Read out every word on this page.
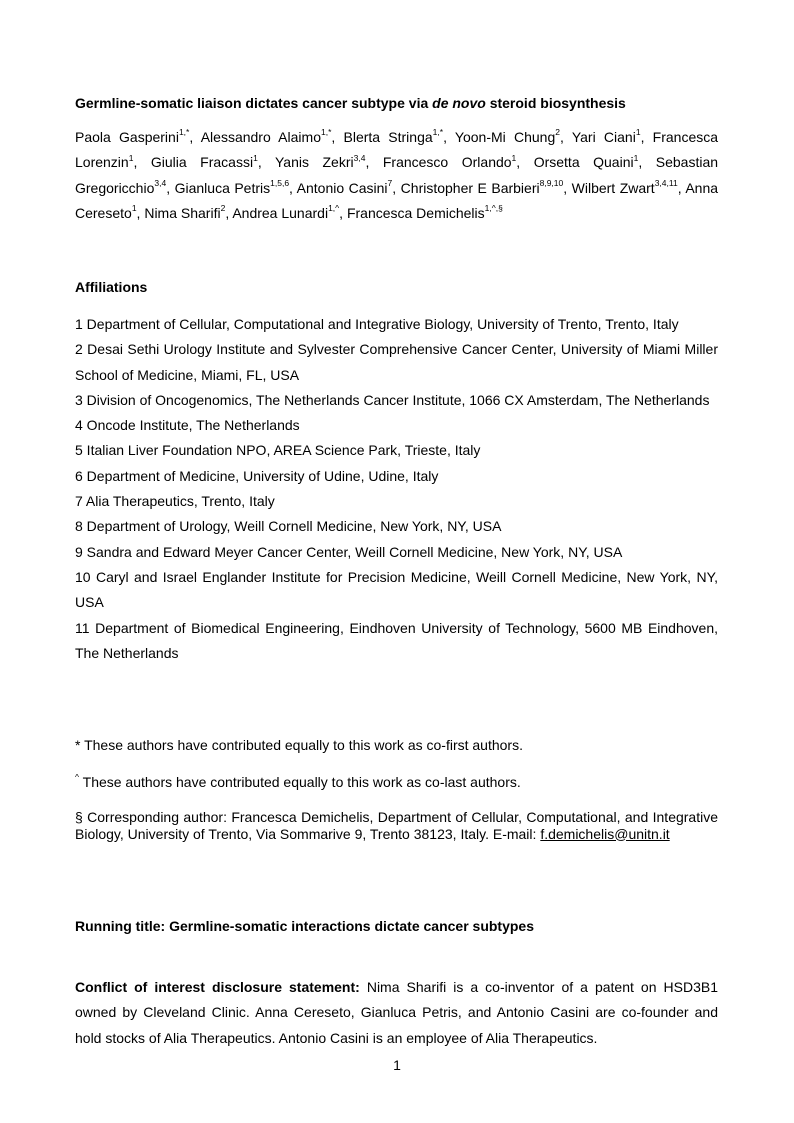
Germline-somatic liaison dictates cancer subtype via de novo steroid biosynthesis
Paola Gasperini$^{1,*}$, Alessandro Alaimo$^{1,*}$, Blerta Stringa$^{1,*}$, Yoon-Mi Chung$^2$, Yari Ciani$^1$, Francesca Lorenzin$^1$, Giulia Fracassi$^1$, Yanis Zekri$^{3,4}$, Francesco Orlando$^1$, Orsetta Quaini$^1$, Sebastian Gregoricchio$^{3,4}$, Gianluca Petris$^{1,5,6}$, Antonio Casini$^7$, Christopher E Barbieri$^{8,9,10}$, Wilbert Zwart$^{3,4,11}$, Anna Cereseto$^1$, Nima Sharifi$^2$, Andrea Lunardi$^{1,\^{}}$, Francesca Demichelis$^{1,\^{},\S}$
Affiliations
1 Department of Cellular, Computational and Integrative Biology, University of Trento, Trento, Italy
2 Desai Sethi Urology Institute and Sylvester Comprehensive Cancer Center, University of Miami Miller School of Medicine, Miami, FL, USA
3 Division of Oncogenomics, The Netherlands Cancer Institute, 1066 CX Amsterdam, The Netherlands
4 Oncode Institute, The Netherlands
5 Italian Liver Foundation NPO, AREA Science Park, Trieste, Italy
6 Department of Medicine, University of Udine, Udine, Italy
7 Alia Therapeutics, Trento, Italy
8 Department of Urology, Weill Cornell Medicine, New York, NY, USA
9 Sandra and Edward Meyer Cancer Center, Weill Cornell Medicine, New York, NY, USA
10 Caryl and Israel Englander Institute for Precision Medicine, Weill Cornell Medicine, New York, NY, USA
11 Department of Biomedical Engineering, Eindhoven University of Technology, 5600 MB Eindhoven, The Netherlands
* These authors have contributed equally to this work as co-first authors.
^ These authors have contributed equally to this work as co-last authors.
§ Corresponding author: Francesca Demichelis, Department of Cellular, Computational, and Integrative Biology, University of Trento, Via Sommarive 9, Trento 38123, Italy. E-mail: f.demichelis@unitn.it
Running title: Germline-somatic interactions dictate cancer subtypes
Conflict of interest disclosure statement: Nima Sharifi is a co-inventor of a patent on HSD3B1 owned by Cleveland Clinic. Anna Cereseto, Gianluca Petris, and Antonio Casini are co-founder and hold stocks of Alia Therapeutics. Antonio Casini is an employee of Alia Therapeutics.
1
